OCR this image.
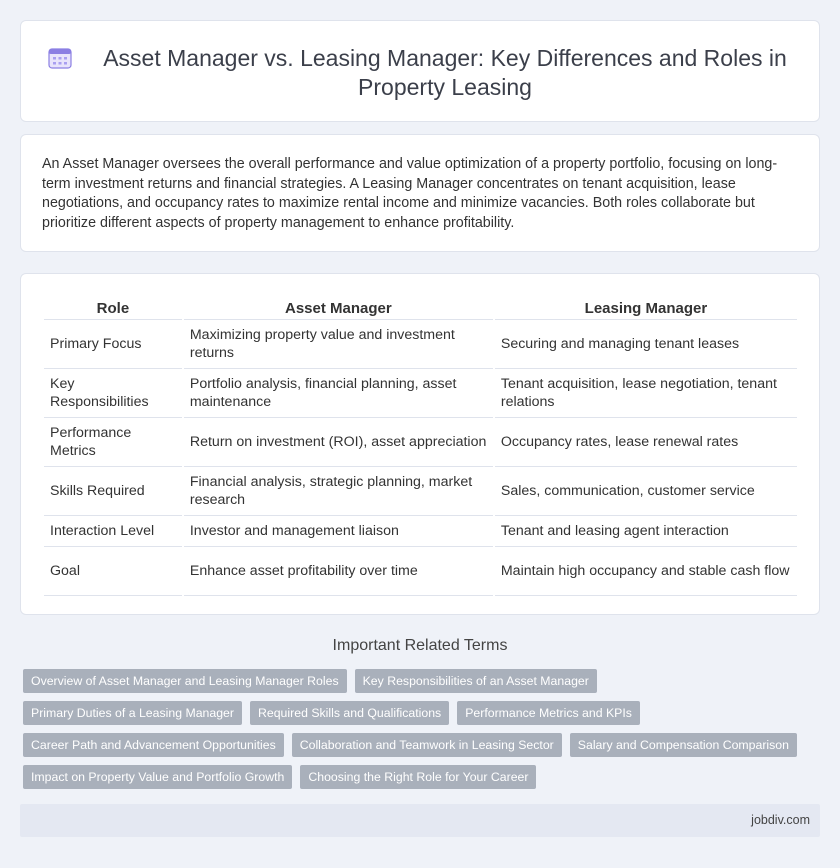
Asset Manager vs. Leasing Manager: Key Differences and Roles in Property Leasing

An Asset Manager oversees the overall performance and value optimization of a property portfolio, focusing on long-term investment returns and financial strategies. A Leasing Manager concentrates on tenant acquisition, lease negotiations, and occupancy rates to maximize rental income and minimize vacancies. Both roles collaborate but prioritize different aspects of property management to enhance profitability.

Role	Asset Manager	Leasing Manager
Primary Focus	Maximizing property value and investment returns	Securing and managing tenant leases
Key Responsibilities	Portfolio analysis, financial planning, asset maintenance	Tenant acquisition, lease negotiation, tenant relations
Performance Metrics	Return on investment (ROI), asset appreciation	Occupancy rates, lease renewal rates
Skills Required	Financial analysis, strategic planning, market research	Sales, communication, customer service
Interaction Level	Investor and management liaison	Tenant and leasing agent interaction
Goal	Enhance asset profitability over time	Maintain high occupancy and stable cash flow
Important Related Terms
Overview of Asset Manager and Leasing Manager Roles	Key Responsibilities of an Asset Manager
Primary Duties of a Leasing Manager	Required Skills and Qualifications	Performance Metrics and KPIs
Career Path and Advancement Opportunities	Collaboration and Teamwork in Leasing Sector	Salary and Compensation Comparison
Impact on Property Value and Portfolio Growth	Choosing the Right Role for Your Career
jobdiv.com
